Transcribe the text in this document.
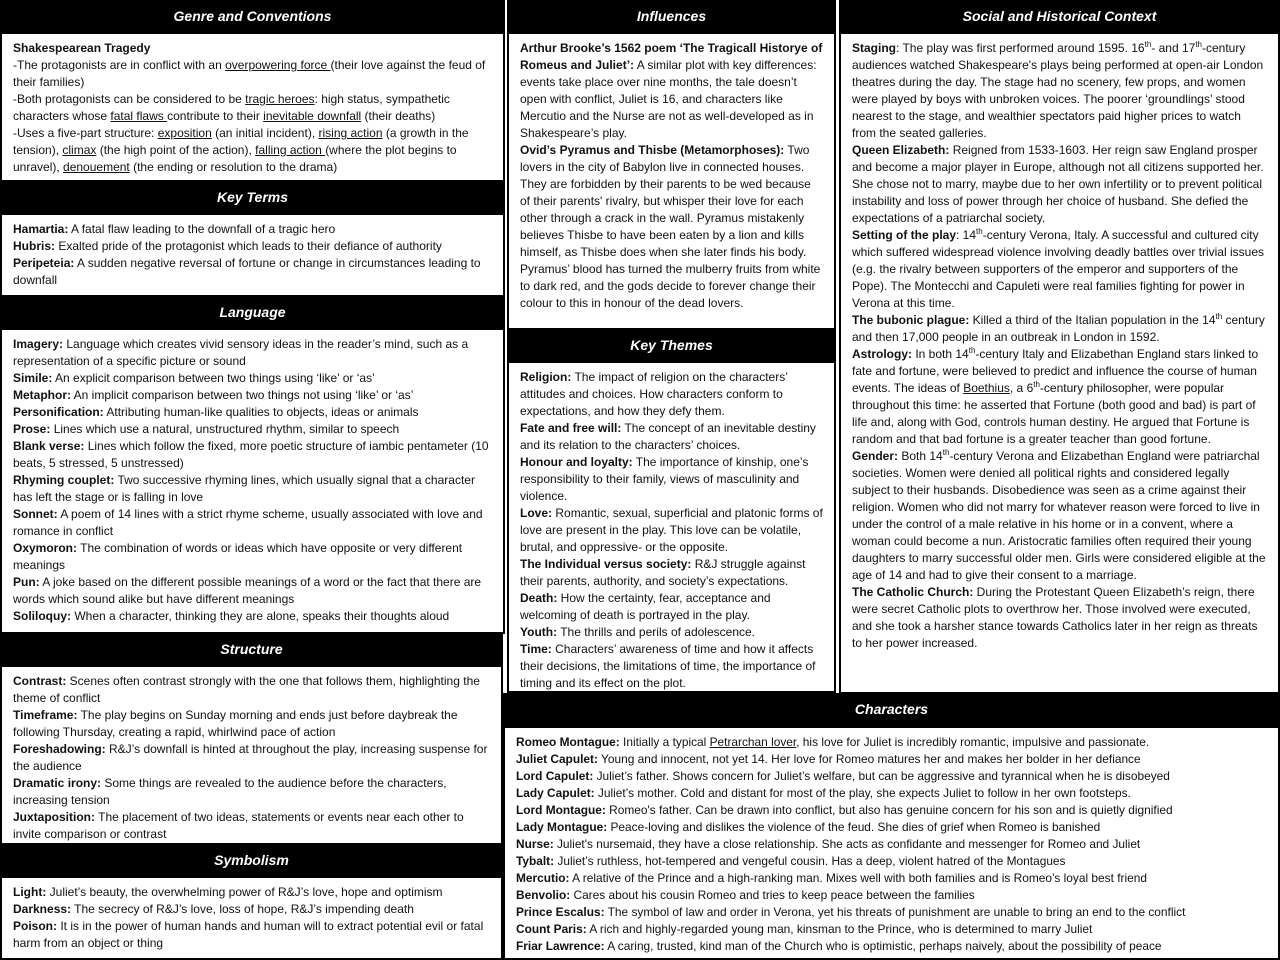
Genre and Conventions

Shakespearean Tragedy

-The protagonists are in conflict with an overpowering force (their love against the feud of their families)

-Both protagonists can be considered to be tragic heroes: high status, sympathetic characters whose fatal flaws contribute to their inevitable downfall (their deaths)

-Uses a five-part structure: exposition (an initial incident), rising action (a growth in the tension), climax (the high point of the action), falling action (where the plot begins to unravel), denouement (the ending or resolution to the drama)

Key Terms

Hamartia: A fatal flaw leading to the downfall of a tragic hero

Hubris: Exalted pride of the protagonist which leads to their defiance of authority

Peripeteia: A sudden negative reversal of fortune or change in circumstances leading to downfall

Language

Imagery: Language which creates vivid sensory ideas in the reader’s mind, such as a representation of a specific picture or sound

Simile: An explicit comparison between two things using ‘like’ or ‘as’

Metaphor: An implicit comparison between two things not using ‘like’ or ‘as’

Personification: Attributing human-like qualities to objects, ideas or animals

Prose: Lines which use a natural, unstructured rhythm, similar to speech

Blank verse: Lines which follow the fixed, more poetic structure of iambic pentameter (10 beats, 5 stressed, 5 unstressed)

Rhyming couplet: Two successive rhyming lines, which usually signal that a character has left the stage or is falling in love

Sonnet: A poem of 14 lines with a strict rhyme scheme, usually associated with love and romance in conflict

Oxymoron: The combination of words or ideas which have opposite or very different meanings

Pun: A joke based on the different possible meanings of a word or the fact that there are words which sound alike but have different meanings

Soliloquy: When a character, thinking they are alone, speaks their thoughts aloud

Structure

Contrast: Scenes often contrast strongly with the one that follows them, highlighting the theme of conflict

Timeframe: The play begins on Sunday morning and ends just before daybreak the following Thursday, creating a rapid, whirlwind pace of action

Foreshadowing: R&J’s downfall is hinted at throughout the play, increasing suspense for the audience

Dramatic irony: Some things are revealed to the audience before the characters, increasing tension

Juxtaposition: The placement of two ideas, statements or events near each other to invite comparison or contrast

Symbolism

Light: Juliet’s beauty, the overwhelming power of R&J’s love, hope and optimism

Darkness: The secrecy of R&J’s love, loss of hope, R&J’s impending death

Poison: It is in the power of human hands and human will to extract potential evil or fatal harm from an object or thing

Influences

Arthur Brooke’s 1562 poem ‘The Tragicall Historye of Romeus and Juliet’: A similar plot with key differences: events take place over nine months, the tale doesn’t open with conflict, Juliet is 16, and characters like Mercutio and the Nurse are not as well-developed as in Shakespeare’s play.

Ovid’s Pyramus and Thisbe (Metamorphoses): Two lovers in the city of Babylon live in connected houses. They are forbidden by their parents to be wed because of their parents' rivalry, but whisper their love for each other through a crack in the wall. Pyramus mistakenly believes Thisbe to have been eaten by a lion and kills himself, as Thisbe does when she later finds his body. Pyramus’ blood has turned the mulberry fruits from white to dark red, and the gods decide to forever change their colour to this in honour of the dead lovers.

Key Themes

Religion: The impact of religion on the characters’ attitudes and choices. How characters conform to expectations, and how they defy them.

Fate and free will: The concept of an inevitable destiny and its relation to the characters’ choices.

Honour and loyalty: The importance of kinship, one’s responsibility to their family, views of masculinity and violence.

Love: Romantic, sexual, superficial and platonic forms of love are present in the play. This love can be volatile, brutal, and oppressive- or the opposite.

The Individual versus society: R&J struggle against their parents, authority, and society’s expectations.

Death: How the certainty, fear, acceptance and welcoming of death is portrayed in the play.

Youth: The thrills and perils of adolescence.

Time: Characters’ awareness of time and how it affects their decisions, the limitations of time, the importance of timing and its effect on the plot.

Social and Historical Context

Staging: The play was first performed around 1595. 16th- and 17th-century audiences watched Shakespeare's plays being performed at open-air London theatres during the day. The stage had no scenery, few props, and women were played by boys with unbroken voices. The poorer ‘groundlings’ stood nearest to the stage, and wealthier spectators paid higher prices to watch from the seated galleries.

Queen Elizabeth: Reigned from 1533-1603. Her reign saw England prosper and become a major player in Europe, although not all citizens supported her. She chose not to marry, maybe due to her own infertility or to prevent political instability and loss of power through her choice of husband. She defied the expectations of a patriarchal society.

Setting of the play: 14th-century Verona, Italy. A successful and cultured city which suffered widespread violence involving deadly battles over trivial issues (e.g. the rivalry between supporters of the emperor and supporters of the Pope). The Montecchi and Capuleti were real families fighting for power in Verona at this time.

The bubonic plague: Killed a third of the Italian population in the 14th century and then 17,000 people in an outbreak in London in 1592.

Astrology: In both 14th-century Italy and Elizabethan England stars linked to fate and fortune, were believed to predict and influence the course of human events. The ideas of Boethius, a 6th-century philosopher, were popular throughout this time: he asserted that Fortune (both good and bad) is part of life and, along with God, controls human destiny. He argued that Fortune is random and that bad fortune is a greater teacher than good fortune.

Gender: Both 14th-century Verona and Elizabethan England were patriarchal societies. Women were denied all political rights and considered legally subject to their husbands. Disobedience was seen as a crime against their religion. Women who did not marry for whatever reason were forced to live in under the control of a male relative in his home or in a convent, where a woman could become a nun. Aristocratic families often required their young daughters to marry successful older men. Girls were considered eligible at the age of 14 and had to give their consent to a marriage.

The Catholic Church: During the Protestant Queen Elizabeth’s reign, there were secret Catholic plots to overthrow her. Those involved were executed, and she took a harsher stance towards Catholics later in her reign as threats to her power increased.

Characters

Romeo Montague: Initially a typical Petrarchan lover, his love for Juliet is incredibly romantic, impulsive and passionate.

Juliet Capulet: Young and innocent, not yet 14. Her love for Romeo matures her and makes her bolder in her defiance

Lord Capulet: Juliet’s father. Shows concern for Juliet’s welfare, but can be aggressive and tyrannical when he is disobeyed

Lady Capulet: Juliet’s mother. Cold and distant for most of the play, she expects Juliet to follow in her own footsteps.

Lord Montague: Romeo's father. Can be drawn into conflict, but also has genuine concern for his son and is quietly dignified

Lady Montague: Peace-loving and dislikes the violence of the feud. She dies of grief when Romeo is banished

Nurse: Juliet's nursemaid, they have a close relationship. She acts as confidante and messenger for Romeo and Juliet

Tybalt: Juliet’s ruthless, hot-tempered and vengeful cousin. Has a deep, violent hatred of the Montagues

Mercutio: A relative of the Prince and a high-ranking man. Mixes well with both families and is Romeo’s loyal best friend

Benvolio: Cares about his cousin Romeo and tries to keep peace between the families

Prince Escalus: The symbol of law and order in Verona, yet his threats of punishment are unable to bring an end to the conflict

Count Paris: A rich and highly-regarded young man, kinsman to the Prince, who is determined to marry Juliet

Friar Lawrence: A caring, trusted, kind man of the Church who is optimistic, perhaps naively, about the possibility of peace
